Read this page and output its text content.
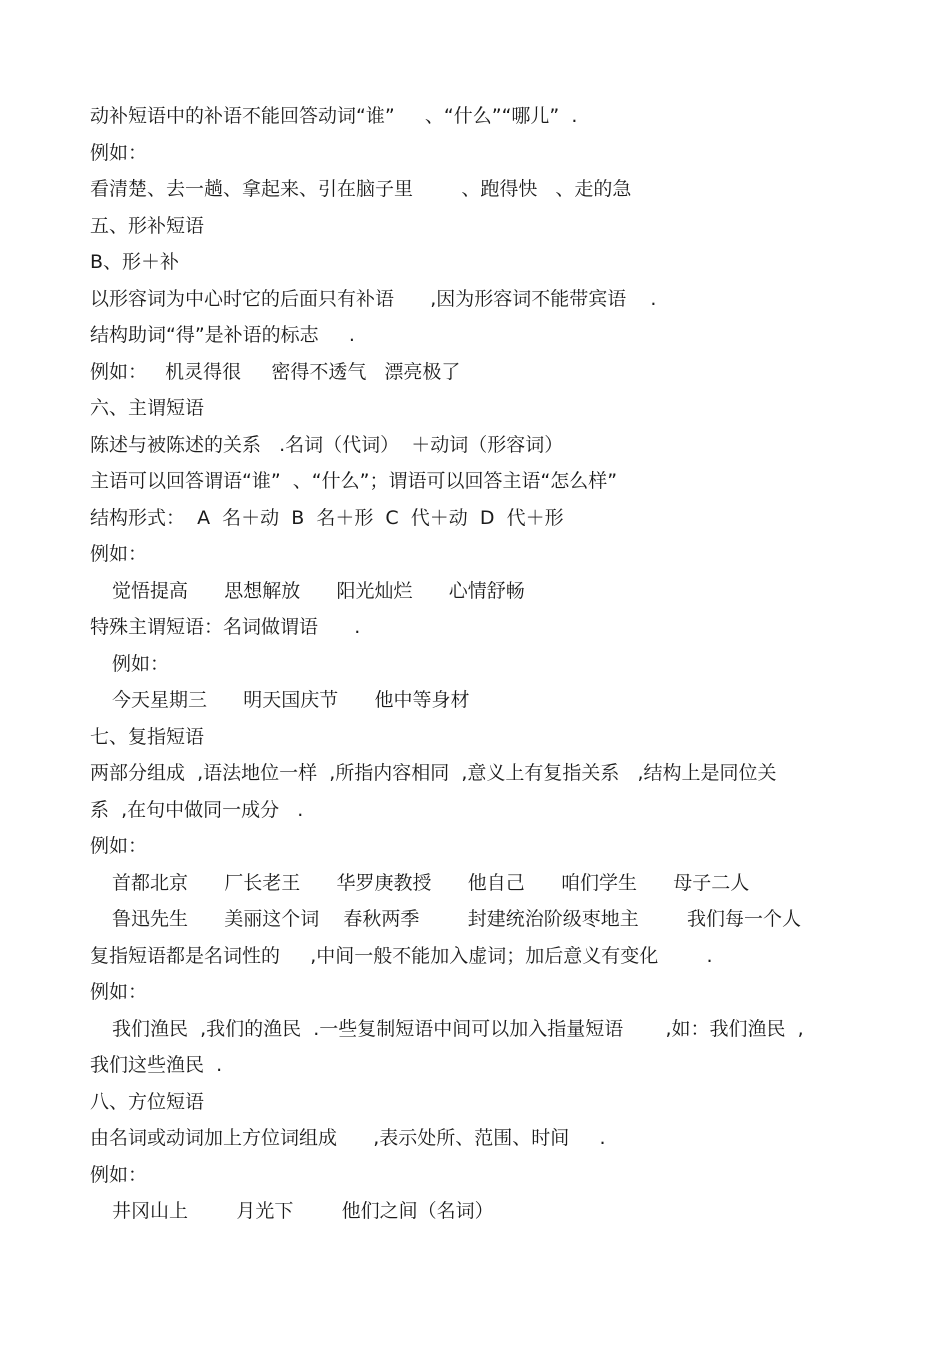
动补短语中的补语不能回答动词“谁”     、“什么”“哪儿”  .

例如：

看清楚、去一趟、拿起来、引在脑子里        、跑得快   、走的急

五、形补短语

B、形＋补

以形容词为中心时它的后面只有补语      ,因为形容词不能带宾语    .

结构助词“得”是补语的标志     .

例如：   机灵得很     密得不透气   漂亮极了

六、主谓短语

陈述与被陈述的关系   .名词（代词）  ＋动词（形容词）

主语可以回答谓语“谁”  、“什么”；谓语可以回答主语“怎么样”

结构形式：  A  名＋动  B  名＋形  C  代＋动  D  代＋形

例如：

觉悟提高      思想解放      阳光灿烂      心情舒畅

特殊主谓短语：名词做谓语      .

例如：

今天星期三      明天国庆节      他中等身材

七、复指短语

两部分组成  ,语法地位一样  ,所指内容相同  ,意义上有复指关系   ,结构上是同位关

系  ,在句中做同一成分   .

例如：

首都北京      厂长老王      华罗庚教授      他自己      咱们学生      母子二人

鲁迅先生      美丽这个词    春秋两季        封建统治阶级枣地主        我们每一个人

复指短语都是名词性的     ,中间一般不能加入虚词；加后意义有变化        .

例如：

我们渔民  ,我们的渔民  .一些复制短语中间可以加入指量短语       ,如：我们渔民  ,

我们这些渔民  .

八、方位短语

由名词或动词加上方位词组成      ,表示处所、范围、时间     .

例如：

井冈山上        月光下        他们之间（名词）
